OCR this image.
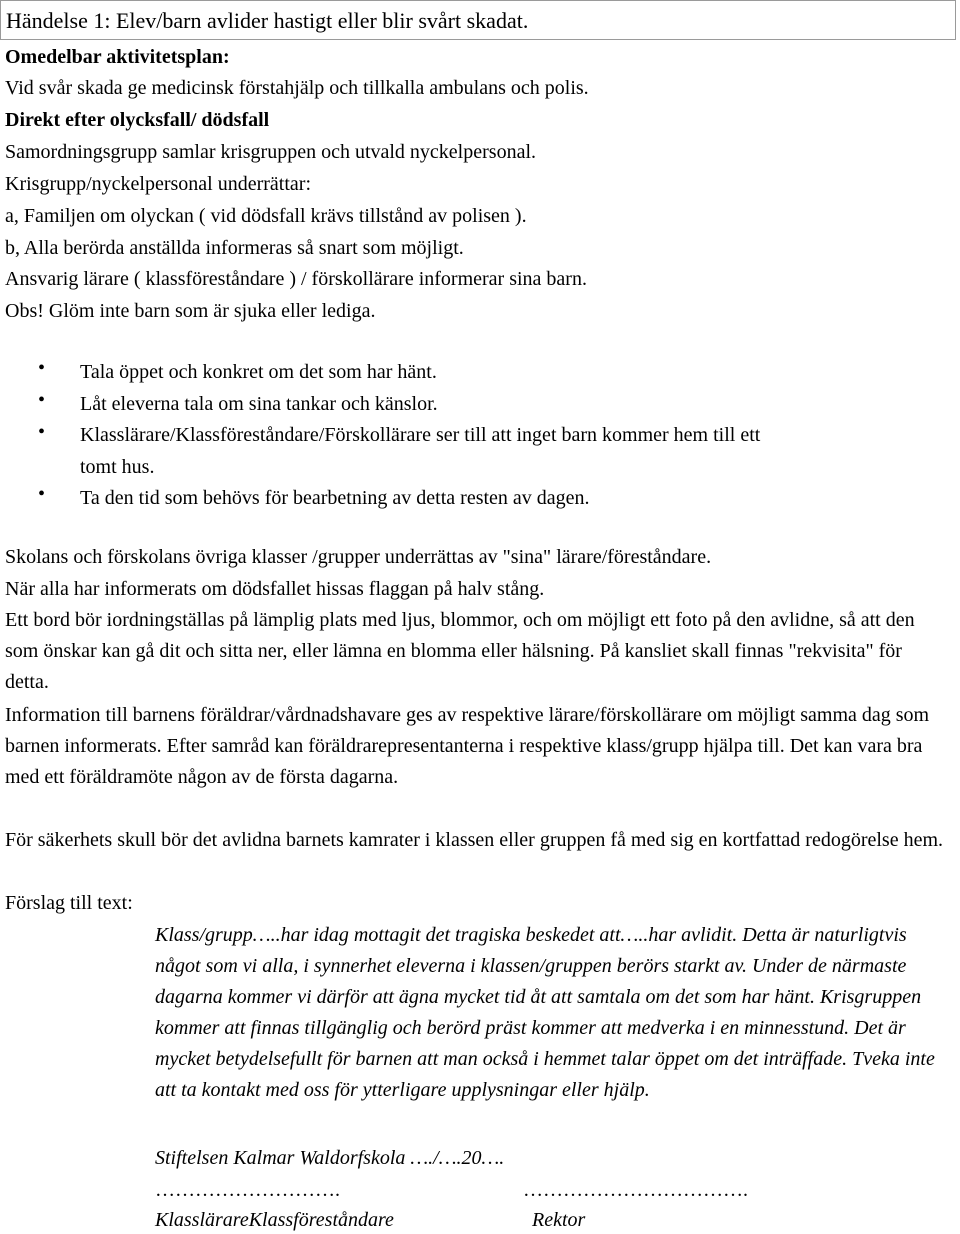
Händelse 1: Elev/barn avlider hastigt eller blir svårt skadat.
Omedelbar aktivitetsplan:
Vid svår skada ge medicinsk förstahjälp och tillkalla ambulans och polis.
Direkt efter olycksfall/ dödsfall
Samordningsgrupp samlar krisgruppen och utvald nyckelpersonal.
Krisgrupp/nyckelpersonal underrättar:
a, Familjen om olyckan ( vid dödsfall krävs tillstånd av polisen ).
b, Alla berörda anställda informeras så snart som möjligt.
Ansvarig lärare ( klassföreståndare ) / förskollärare informerar sina barn.
Obs! Glöm inte barn som är sjuka eller lediga.
• Tala öppet och konkret om det som har hänt.
• Låt eleverna tala om sina tankar och känslor.
• Klasslärare/Klassföreståndare/Förskollärare ser till att inget barn kommer hem till ett
tomt hus.
• Ta den tid som behövs för bearbetning av detta resten av dagen.
Skolans och förskolans övriga klasser /grupper underrättas av "sina" lärare/föreståndare.
När alla har informerats om dödsfallet hissas flaggan på halv stång.
Ett bord bör iordningställas på lämplig plats med ljus, blommor, och om möjligt ett foto på den avlidne, så att den som önskar kan gå dit och sitta ner, eller lämna en blomma eller hälsning. På kansliet skall finnas "rekvisita" för detta.
Information till barnens föräldrar/vårdnadshavare ges av respektive lärare/förskollärare om möjligt samma dag som barnen informerats. Efter samråd kan föräldrarepresentanterna i respektive klass/grupp hjälpa till. Det kan vara bra med ett föräldramöte någon av de första dagarna.
För säkerhets skull bör det avlidna barnets kamrater i klassen eller gruppen få med sig en kortfattad redogörelse hem.
Förslag till text:
Klass/grupp…..har idag mottagit det tragiska beskedet att…..har avlidit. Detta är naturligtvis något som vi alla, i synnerhet eleverna i klassen/gruppen berörs starkt av. Under de närmaste dagarna kommer vi därför att ägna mycket tid åt att samtala om det som har hänt. Krisgruppen kommer att finnas tillgänglig och berörd präst kommer att medverka i en minnesstund. Det är mycket betydelsefullt för barnen att man också i hemmet talar öppet om det inträffade. Tveka inte att ta kontakt med oss för ytterligare upplysningar eller hjälp.
Stiftelsen Kalmar Waldorfskola …./….20….
……………………….	…………………………….
KlasslärareKlassföreståndare	Rektor
